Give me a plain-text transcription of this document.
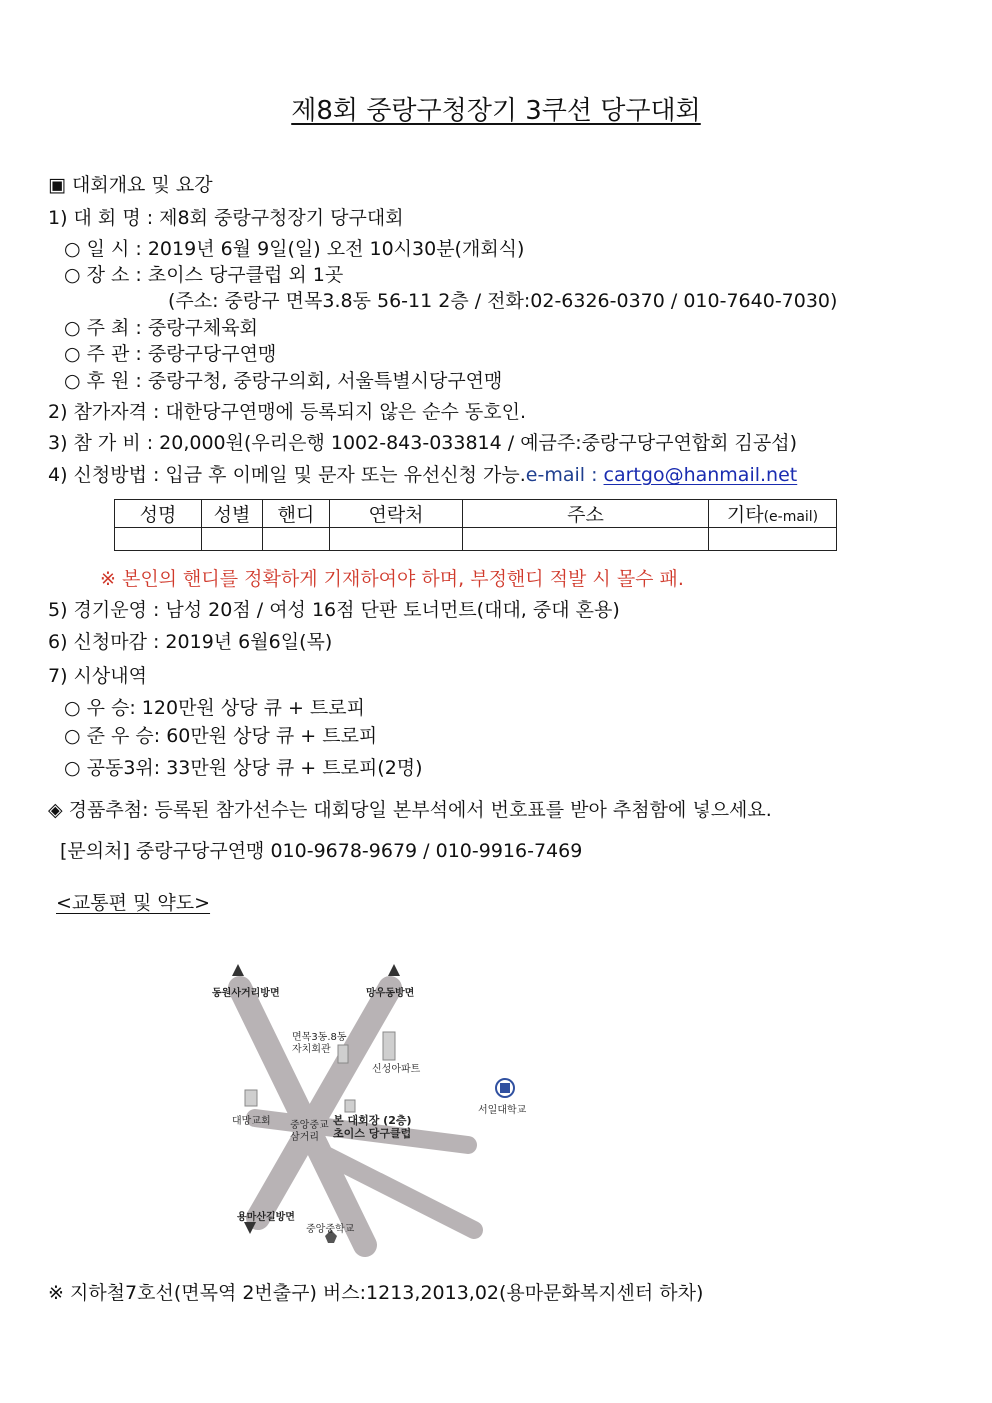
제8회 중랑구청장기 3쿠션 당구대회
▣ 대회개요 및 요강
1) 대 회 명 : 제8회 중랑구청장기 당구대회
○ 일 시 : 2019년 6월 9일(일) 오전 10시30분(개회식)
○ 장 소 : 초이스 당구클럽 외 1곳
(주소: 중랑구 면목3.8동 56-11 2층 / 전화:02-6326-0370 / 010-7640-7030)
○ 주 최 : 중랑구체육회
○ 주 관 : 중랑구당구연맹
○ 후 원 : 중랑구청, 중랑구의회, 서울특별시당구연맹
2) 참가자격 : 대한당구연맹에 등록되지 않은 순수 동호인.
3) 참 가 비 : 20,000원(우리은행 1002-843-033814 / 예금주:중랑구당구연합회 김공섭)
4) 신청방법 : 입금 후 이메일 및 문자 또는 유선신청 가능.e-mail : cartgo@hanmail.net
성명	성별	핸디	연락처	주소	기타(e-mail)

※ 본인의 핸디를 정확하게 기재하여야 하며, 부정핸디 적발 시 몰수 패.
5) 경기운영 : 남성 20점 / 여성 16점 단판 토너먼트(대대, 중대 혼용)
6) 신청마감 : 2019년 6월6일(목)
7) 시상내역
○ 우 승: 120만원 상당 큐 + 트로피
○ 준 우 승: 60만원 상당 큐 + 트로피
○ 공동3위: 33만원 상당 큐 + 트로피(2명)
◈ 경품추첨: 등록된 참가선수는 대회당일 본부석에서 번호표를 받아 추첨함에 넣으세요.
[문의처] 중랑구당구연맹 010-9678-9679 / 010-9916-7469
<교통편 및 약도>
동원사거리방면	망우동방면
면목3동.8동
자치회관
신성아파트
대망교회 중앙중교
삼거리
본 대회장 (2층)
초이스 당구클럽
서일대학교
용마산길방면
중앙중학교
※ 지하철7호선(면목역 2번출구) 버스:1213,2013,02(용마문화복지센터 하차)
